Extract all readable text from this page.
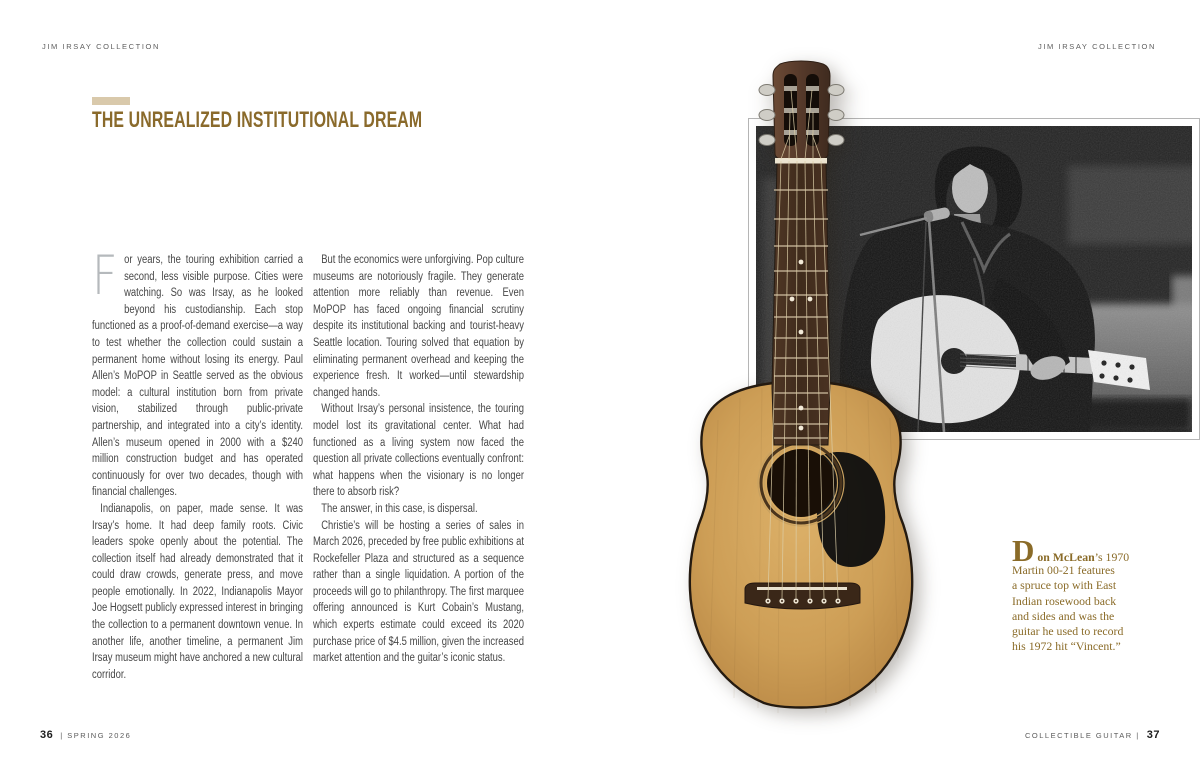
JIM IRSAY COLLECTION	JIM IRSAY COLLECTION
THE UNREALIZED INSTITUTIONAL DREAM

For years, the touring exhibition carried a second, less visible purpose. Cities were watching. So was Irsay, as he looked beyond his custodianship. Each stop functioned as a proof-of-demand exercise—a way to test whether the collection could sustain a permanent home without losing its energy. Paul Allen’s MoPOP in Seattle served as the obvious model: a cultural institution born from private vision, stabilized through public-private partnership, and integrated into a city’s identity. Allen’s museum opened in 2000 with a $240 million construction budget and has operated continuously for over two decades, though with financial challenges.

Indianapolis, on paper, made sense. It was Irsay’s home. It had deep family roots. Civic leaders spoke openly about the potential. The collection itself had already demonstrated that it could draw crowds, generate press, and move people emotionally. In 2022, Indianapolis Mayor Joe Hogsett publicly expressed interest in bringing the collection to a permanent downtown venue. In another life, another timeline, a permanent Jim Irsay museum might have anchored a new cultural corridor.

But the economics were unforgiving. Pop culture museums are notoriously fragile. They generate attention more reliably than revenue. Even MoPOP has faced ongoing financial scrutiny despite its institutional backing and tourist-heavy Seattle location. Touring solved that equation by eliminating permanent overhead and keeping the experience fresh. It worked—until stewardship changed hands.

Without Irsay’s personal insistence, the touring model lost its gravitational center. What had functioned as a living system now faced the question all private collections eventually confront: what happens when the visionary is no longer there to absorb risk?

The answer, in this case, is dispersal.

Christie’s will be hosting a series of sales in March 2026, preceded by free public exhibitions at Rockefeller Plaza and structured as a sequence rather than a single liquidation. A portion of the proceeds will go to philanthropy. The first marquee offering announced is Kurt Cobain’s Mustang, which experts estimate could exceed its 2020 purchase price of $4.5 million, given the increased market attention and the guitar’s iconic status.

Don McLean’s 1970
Martin 00-21 features
a spruce top with East
Indian rosewood back
and sides and was the
guitar he used to record
his 1972 hit “Vincent.”
36 | SPRING 2026	COLLECTIBLE GUITAR | 37
